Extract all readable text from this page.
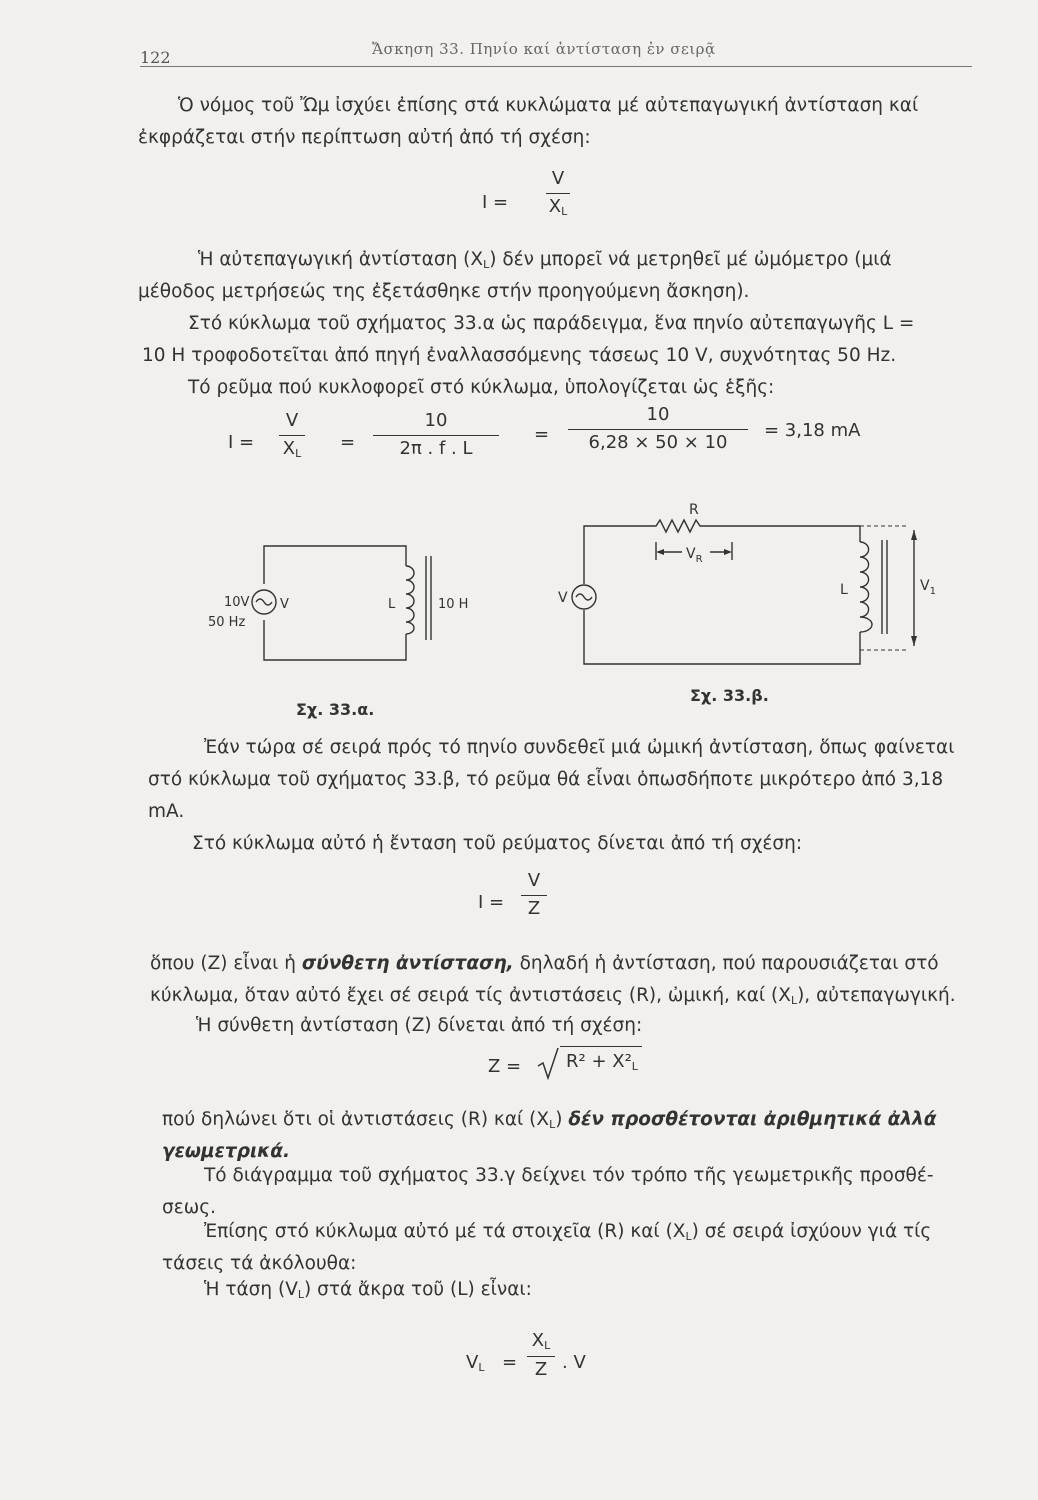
122	Ἄσκηση 33. Πηνίο καί ἀντίσταση ἐν σειρᾷ
Ὁ νόμος τοῦ Ὤμ ἰσχύει ἐπίσης στά κυκλώματα μέ αὐτεπαγωγική ἀντίσταση καί
ἐκφράζεται στήν περίπτωση αὐτή ἀπό τή σχέση:
I =
V
$X_L$
Ἡ αὐτεπαγωγική ἀντίσταση $(X_L)$ δέν μπορεῖ νά μετρηθεῖ μέ ὠμόμετρο (μιά
μέθοδος μετρήσεώς της ἐξετάσθηκε στήν προηγούμενη ἄσκηση).
Στό κύκλωμα τοῦ σχήματος 33.α ὡς παράδειγμα, ἕνα πηνίο αὐτεπαγωγῆς L =
10 H τροφοδοτεῖται ἀπό πηγή ἐναλλασσόμενης τάσεως 10 V, συχνότητας 50 Hz.
Τό ρεῦμα πού κυκλοφορεῖ στό κύκλωμα, ὑπολογίζεται ὡς ἑξῆς:
I =
V
$X_L$
=
10
2π . f . L
=
10
6,28 × 50 × 10
= 3,18 mA
10V
50 Hz
V	L	10 H
Σχ. 33.α.
R
$V_R$
V	L	$V_1$
Σχ. 33.β.
Ἐάν τώρα σέ σειρά πρός τό πηνίο συνδεθεῖ μιά ὠμική ἀντίσταση, ὅπως φαίνεται
στό κύκλωμα τοῦ σχήματος 33.β, τό ρεῦμα θά εἶναι ὁπωσδήποτε μικρότερο ἀπό 3,18
mA.
Στό κύκλωμα αὐτό ἡ ἔνταση τοῦ ρεύματος δίνεται ἀπό τή σχέση:
I =
V
Z
ὅπου (Z) εἶναι ἡ σύνθετη ἀντίσταση, δηλαδή ἡ ἀντίσταση, πού παρουσιάζεται στό
κύκλωμα, ὅταν αὐτό ἔχει σέ σειρά τίς ἀντιστάσεις (R), ὠμική, καί $(X_L)$, αὐτεπαγωγική.
Ἡ σύνθετη ἀντίσταση (Z) δίνεται ἀπό τή σχέση:
Z =	$R^2 + X^2_L$
πού δηλώνει ὅτι οἱ ἀντιστάσεις (R) καί $(X_L)$ δέν προσθέτονται ἀριθμητικά ἀλλά
γεωμετρικά.
Τό διάγραμμα τοῦ σχήματος 33.γ δείχνει τόν τρόπο τῆς γεωμετρικῆς προσθέ-
σεως.
Ἐπίσης στό κύκλωμα αὐτό μέ τά στοιχεῖα (R) καί $(X_L)$ σέ σειρά ἰσχύουν γιά τίς
τάσεις τά ἀκόλουθα:
Ἡ τάση $(V_L)$ στά ἄκρα τοῦ (L) εἶναι:
$V_L$ =
$X_L$
Z . V
